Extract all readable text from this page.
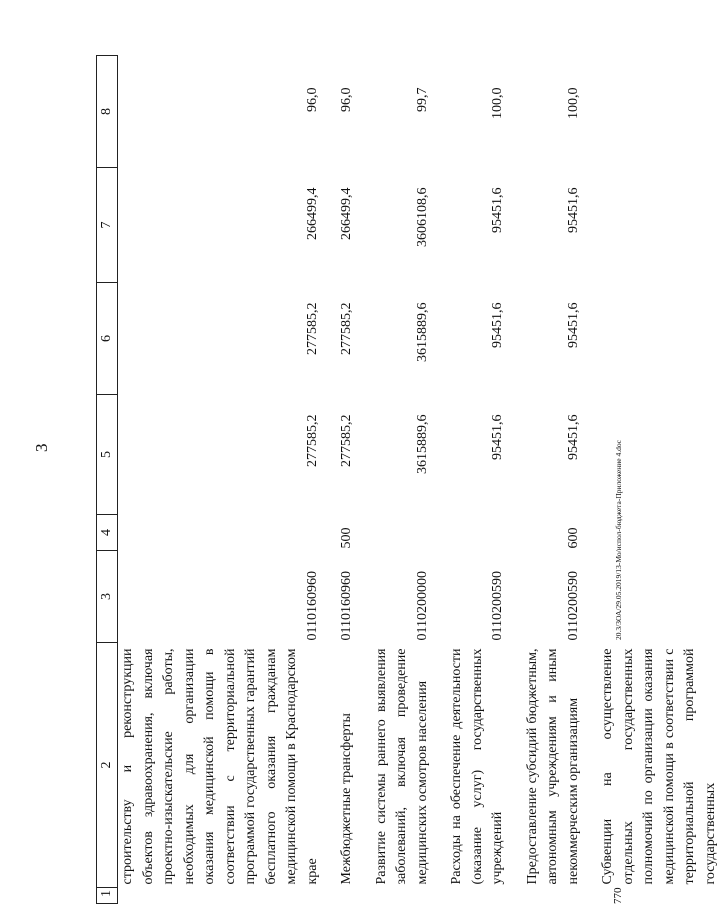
3	20.3/3ОА/29.05.2019/13-Мо/испол-бюджета-Приложение 4.doc
770
1	2	3	4	5	6	7	8
	строительству и реконструкции объектов здравоохранения, включая проектно-изыскательские работы, необходимых для организации оказания медицинской помощи в соответствии с территориальной программой государственных гарантий бесплатного оказания гражданам медицинской помощи в Краснодарском крае	0110160960		277585,2	277585,2	266499,4	96,0
	Межбюджетные трансферты	0110160960	500	277585,2	277585,2	266499,4	96,0
	Развитие системы раннего выявления заболеваний, включая проведение медицинских осмотров населения	0110200000		3615889,6	3615889,6	3606108,6	99,7
	Расходы на обеспечение деятельности (оказание услуг) государственных учреждений	0110200590		95451,6	95451,6	95451,6	100,0
	Предоставление субсидий бюджетным, автономным учреждениям и иным некоммерческим организациям	0110200590	600	95451,6	95451,6	95451,6	100,0
	Субвенции на осуществление отдельных государственных полномочий по организации оказания медицинской помощи в соответствии с территориальной программой государственных						
